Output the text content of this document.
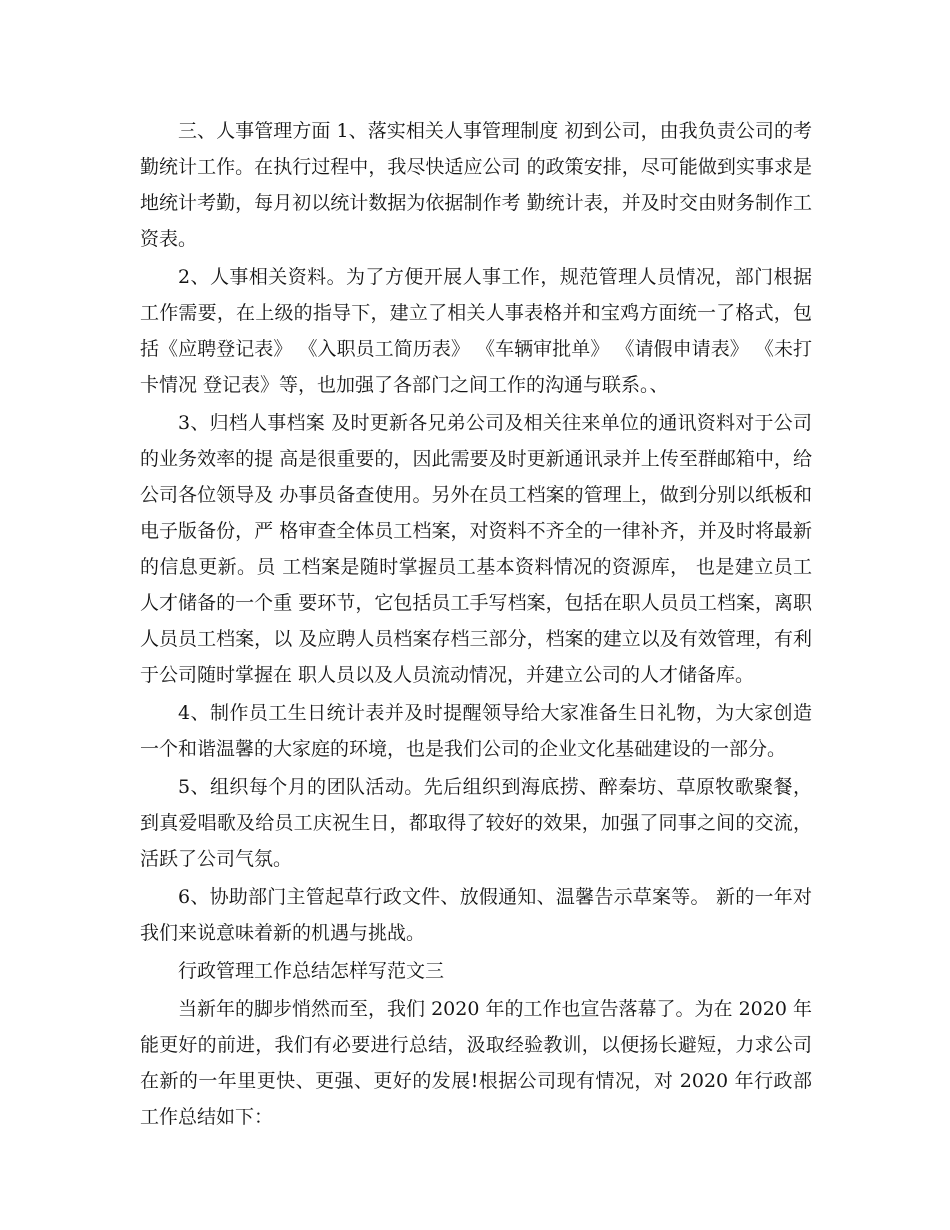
三、人事管理方面 1、落实相关人事管理制度 初到公司，由我负责公司的考勤统计工作。在执行过程中，我尽快适应公司 的政策安排，尽可能做到实事求是地统计考勤，每月初以统计数据为依据制作考 勤统计表，并及时交由财务制作工资表。

2、人事相关资料。为了方便开展人事工作，规范管理人员情况，部门根据 工作需要，在上级的指导下，建立了相关人事表格并和宝鸡方面统一了格式，包 括《应聘登记表》 《入职员工简历表》 《车辆审批单》 《请假申请表》 《未打卡情况 登记表》等，也加强了各部门之间工作的沟通与联系。、

3、归档人事档案 及时更新各兄弟公司及相关往来单位的通讯资料对于公司的业务效率的提 高是很重要的，因此需要及时更新通讯录并上传至群邮箱中，给公司各位领导及 办事员备查使用。另外在员工档案的管理上，做到分别以纸板和电子版备份，严 格审查全体员工档案，对资料不齐全的一律补齐，并及时将最新的信息更新。员 工档案是随时掌握员工基本资料情况的资源库， 也是建立员工人才储备的一个重 要环节，它包括员工手写档案，包括在职人员员工档案，离职人员员工档案，以 及应聘人员档案存档三部分，档案的建立以及有效管理，有利于公司随时掌握在 职人员以及人员流动情况，并建立公司的人才储备库。

4、制作员工生日统计表并及时提醒领导给大家准备生日礼物，为大家创造 一个和谐温馨的大家庭的环境，也是我们公司的企业文化基础建设的一部分。

5、组织每个月的团队活动。先后组织到海底捞、醉秦坊、草原牧歌聚餐， 到真爱唱歌及给员工庆祝生日，都取得了较好的效果，加强了同事之间的交流， 活跃了公司气氛。

6、协助部门主管起草行政文件、放假通知、温馨告示草案等。 新的一年对我们来说意味着新的机遇与挑战。

行政管理工作总结怎样写范文三

当新年的脚步悄然而至，我们 2020 年的工作也宣告落幕了。为在 2020 年能更好的前进，我们有必要进行总结，汲取经验教训，以便扬长避短，力求公司在新的一年里更快、更强、更好的发展!根据公司现有情况，对 2020 年行政部工作总结如下：
